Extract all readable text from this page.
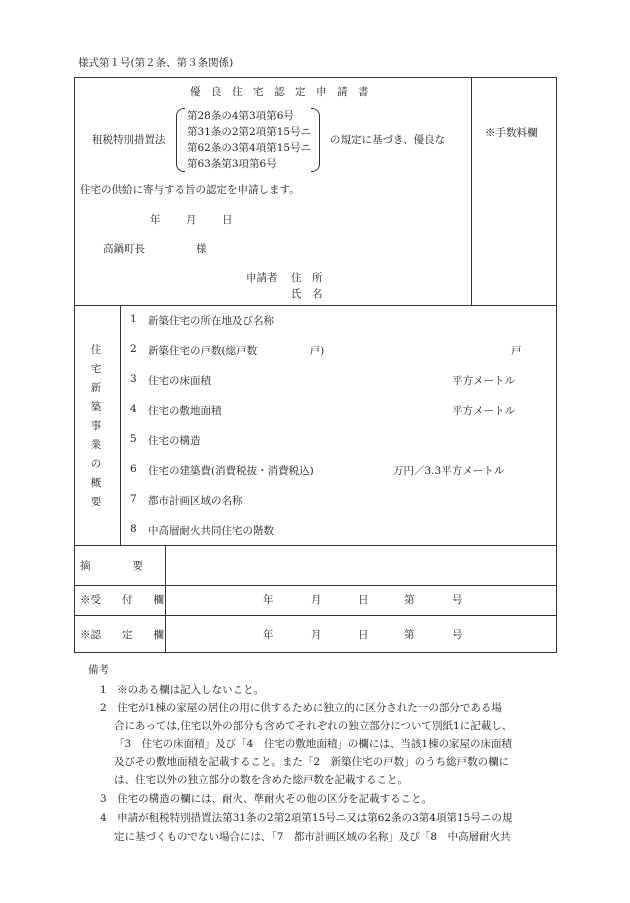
様式第１号(第２条、第３条関係)
優　良　住　宅　認　定　申　請　書
租税特別措置法
第28条の4第3項第6号
第31条の2第2項第15号ニ
第62条の3第4項第15号ニ
第63条第3項第6号
の規定に基づき、優良な
※手数料欄
住宅の供給に寄与する旨の認定を申請します。
年 月 日
高鍋町長	様
申請者 住　所
氏　名
住
宅
新
築
事
業
の
概
要
1 新築住宅の所在地及び名称
2 新築住宅の戸数(総戸数　　　　　戸)	戸
3 住宅の床面積	平方メートル
4 住宅の敷地面積	平方メートル
5 住宅の構造
6 住宅の建築費(消費税抜・消費税込)	万円／3.3平方メートル
7 都市計画区域の名称
8 中高層耐火共同住宅の階数
摘　　　　要
※受　　付　　欄	年	月	日	第	号
※認　　定　　欄	年	月	日	第	号
備考
1　※のある欄は記入しないこと。
2　住宅が1棟の家屋の居住の用に供するために独立的に区分された一の部分である場
合にあっては,住宅以外の部分も含めてそれぞれの独立部分について別紙1に記載し、
「3　住宅の床面積」及び「4　住宅の敷地面積」の欄には、当該1棟の家屋の床面積
及びその敷地面積を記載すること。また「2　新築住宅の戸数」のうち総戸数の欄に
は、住宅以外の独立部分の数を含めた総戸数を記載すること。
3　住宅の構造の欄には、耐火、準耐火その他の区分を記載すること。
4　申請が租税特別措置法第31条の2第2項第15号ニ又は第62条の3第4項第15号ニの規
定に基づくものでない場合には、「7　都市計画区域の名称」及び「8　中高層耐火共
